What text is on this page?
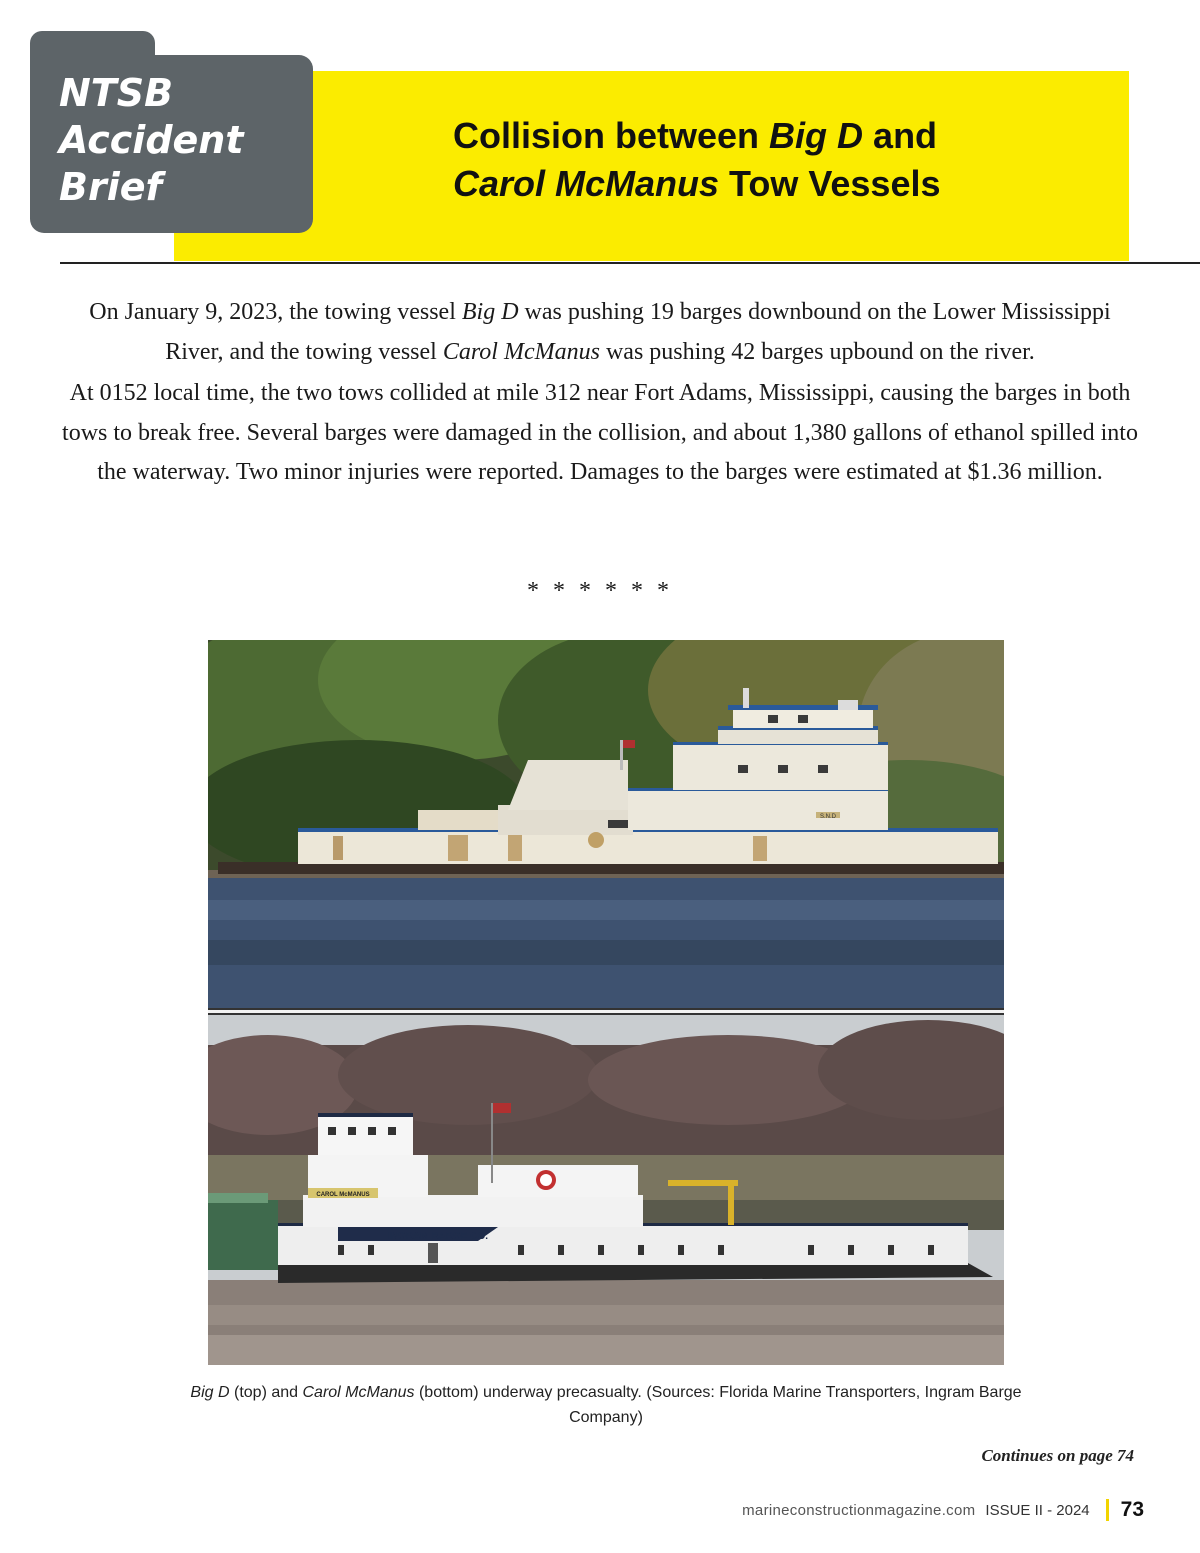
NTSB
Accident
Brief
Collision between Big D and
Carol McManus Tow Vessels

On January 9, 2023, the towing vessel Big D was pushing 19 barges downbound on the Lower Mississippi River, and the towing vessel Carol McManus was pushing 42 barges upbound on the river.

At 0152 local time, the two tows collided at mile 312 near Fort Adams, Mississippi, causing the barges in both tows to break free. Several barges were damaged in the collision, and about 1,380 gallons of ethanol spilled into the waterway. Two minor injuries were reported. Damages to the barges were estimated at $1.36 million.

* * * * * *
S.N.D
INGRAM BARGE CO.
CAROL McMANUS
Big D (top) and Carol McManus (bottom) underway precasualty. (Sources: Florida Marine Transporters, Ingram Barge Company)
Continues on page 74
marineconstructionmagazine.com ISSUE II - 2024 73
